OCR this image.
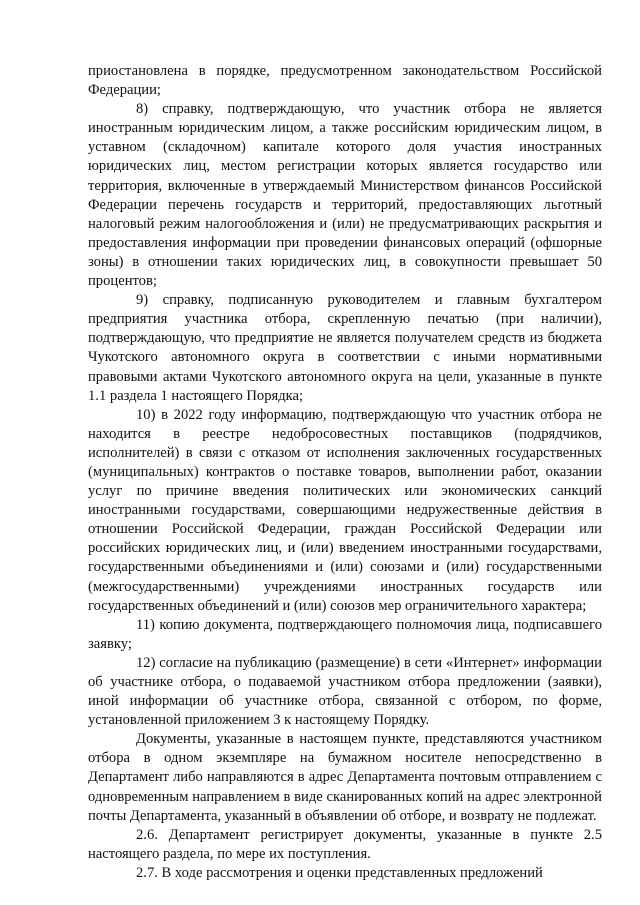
приостановлена в порядке, предусмотренном законодательством Российской Федерации;

8) справку, подтверждающую, что участник отбора не является иностранным юридическим лицом, а также российским юридическим лицом, в уставном (складочном) капитале которого доля участия иностранных юридических лиц, местом регистрации которых является государство или территория, включенные в утверждаемый Министерством финансов Российской Федерации перечень государств и территорий, предоставляющих льготный налоговый режим налогообложения и (или) не предусматривающих раскрытия и предоставления информации при проведении финансовых операций (офшорные зоны) в отношении таких юридических лиц, в совокупности превышает 50 процентов;

9) справку, подписанную руководителем и главным бухгалтером предприятия участника отбора, скрепленную печатью (при наличии), подтверждающую, что предприятие не является получателем средств из бюджета Чукотского автономного округа в соответствии с иными нормативными правовыми актами Чукотского автономного округа на цели, указанные в пункте 1.1 раздела 1 настоящего Порядка;

10) в 2022 году информацию, подтверждающую что участник отбора не находится в реестре недобросовестных поставщиков (подрядчиков, исполнителей) в связи с отказом от исполнения заключенных государственных (муниципальных) контрактов о поставке товаров, выполнении работ, оказании услуг по причине введения политических или экономических санкций иностранными государствами, совершающими недружественные действия в отношении Российской Федерации, граждан Российской Федерации или российских юридических лиц, и (или) введением иностранными государствами, государственными объединениями и (или) союзами и (или) государственными (межгосударственными) учреждениями иностранных государств или государственных объединений и (или) союзов мер ограничительного характера;

11) копию документа, подтверждающего полномочия лица, подписавшего заявку;

12) согласие на публикацию (размещение) в сети «Интернет» информации об участнике отбора, о подаваемой участником отбора предложении (заявки), иной информации об участнике отбора, связанной с отбором, по форме, установленной приложением 3 к настоящему Порядку.

Документы, указанные в настоящем пункте, представляются участником отбора в одном экземпляре на бумажном носителе непосредственно в Департамент либо направляются в адрес Департамента почтовым отправлением с одновременным направлением в виде сканированных копий на адрес электронной почты Департамента, указанный в объявлении об отборе, и возврату не подлежат.

2.6. Департамент регистрирует документы, указанные в пункте 2.5 настоящего раздела, по мере их поступления.

2.7. В ходе рассмотрения и оценки представленных предложений
